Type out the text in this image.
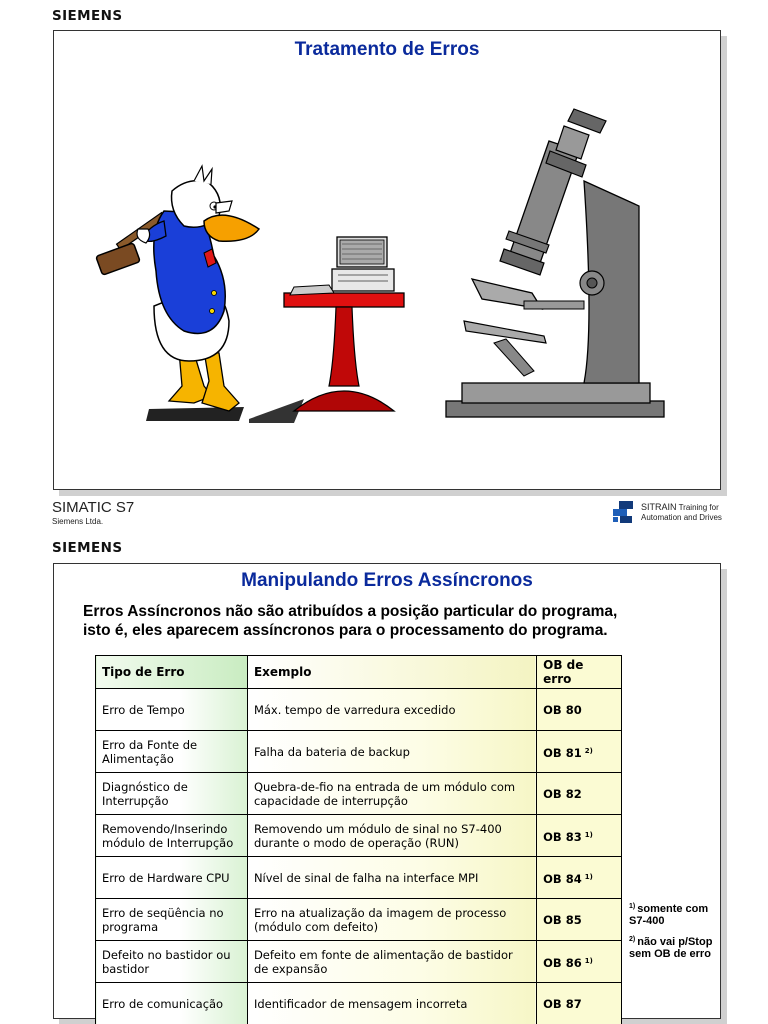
SIEMENS
Tratamento de Erros
SIMATIC S7
Siemens Ltda.
SITRAIN Training for
Automation and Drives
SIEMENS
Manipulando Erros Assíncronos
Erros Assíncronos não são atribuídos a posição particular do programa,
isto é, eles aparecem assíncronos para o processamento do programa.
Tipo de Erro	Exemplo	OB de erro
Erro de Tempo	Máx. tempo de varredura excedido	OB 80
Erro da Fonte de Alimentação	Falha da bateria de backup	OB 81 $^{2)}$
Diagnóstico de Interrupção	Quebra-de-fio na entrada de um módulo com capacidade de interrupção	OB 82
Removendo/Inserindo módulo de Interrupção	Removendo um módulo de sinal no S7-400 durante o modo de operação (RUN)	OB 83 $^{1)}$
Erro de Hardware CPU	Nível de sinal de falha na interface MPI	OB 84 $^{1)}$
Erro de seqüência no programa	Erro na atualização da imagem de processo (módulo com defeito)	OB 85
Defeito no bastidor ou bastidor	Defeito em fonte de alimentação de bastidor de expansão	OB 86 $^{1)}$
Erro de comunicação	Identificador de mensagem incorreta	OB 87
$^{1)}$ somente com
S7-400
$^{2)}$ não vai p/Stop
sem OB de erro
